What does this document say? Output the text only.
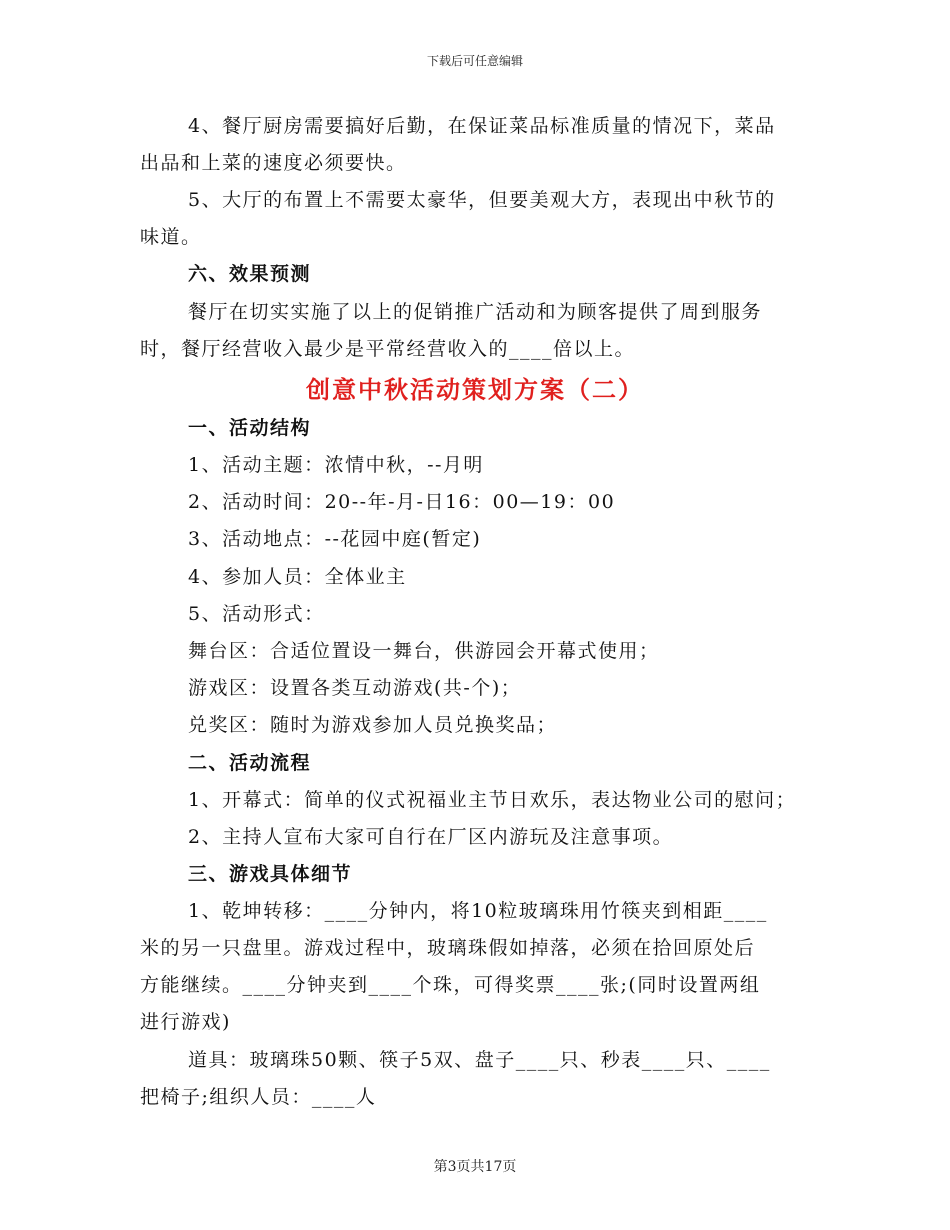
下载后可任意编辑
4、餐厅厨房需要搞好后勤，在保证菜品标准质量的情况下，菜品
出品和上菜的速度必须要快。
5、大厅的布置上不需要太豪华，但要美观大方，表现出中秋节的
味道。
六、效果预测
餐厅在切实实施了以上的促销推广活动和为顾客提供了周到服务
时，餐厅经营收入最少是平常经营收入的____倍以上。
创意中秋活动策划方案（二）
一、活动结构
1、活动主题：浓情中秋，--月明
2、活动时间：20--年-月-日16：00—19：00
3、活动地点：--花园中庭(暂定)
4、参加人员：全体业主
5、活动形式：
舞台区：合适位置设一舞台，供游园会开幕式使用；
游戏区：设置各类互动游戏(共-个)；
兑奖区：随时为游戏参加人员兑换奖品；
二、活动流程
1、开幕式：简单的仪式祝福业主节日欢乐，表达物业公司的慰问；
2、主持人宣布大家可自行在厂区内游玩及注意事项。
三、游戏具体细节
1、乾坤转移：____分钟内，将10粒玻璃珠用竹筷夹到相距____
米的另一只盘里。游戏过程中，玻璃珠假如掉落，必须在拾回原处后
方能继续。____分钟夹到____个珠，可得奖票____张;(同时设置两组
进行游戏)
道具：玻璃珠50颗、筷子5双、盘子____只、秒表____只、____
把椅子;组织人员：____人
第3页共17页
